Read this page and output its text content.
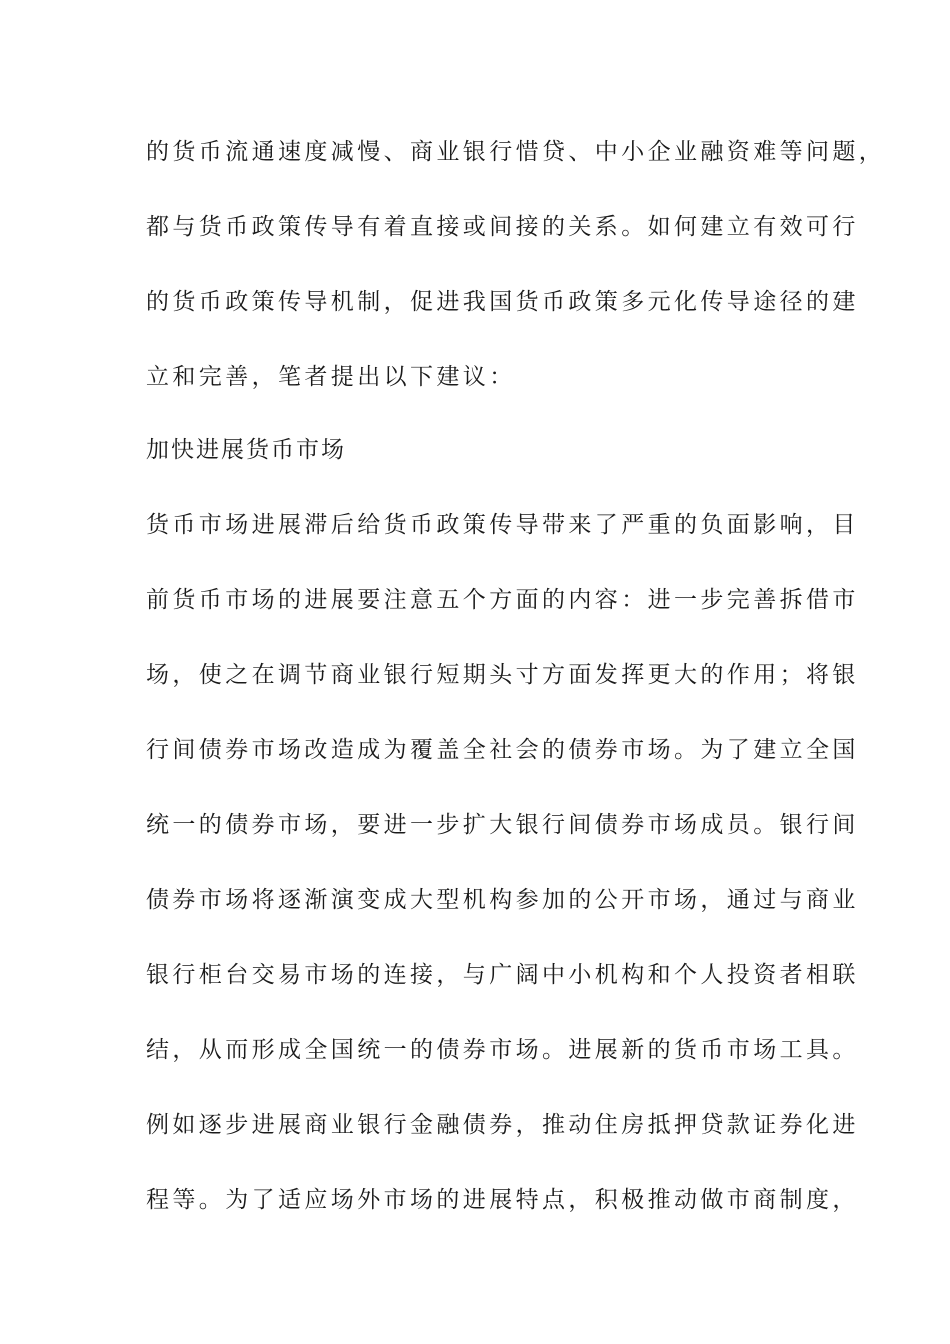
的货币流通速度减慢、商业银行惜贷、中小企业融资难等问题，
都与货币政策传导有着直接或间接的关系。如何建立有效可行
的货币政策传导机制，促进我国货币政策多元化传导途径的建
立和完善，笔者提出以下建议：
加快进展货币市场
货币市场进展滞后给货币政策传导带来了严重的负面影响，目
前货币市场的进展要注意五个方面的内容：进一步完善拆借市
场，使之在调节商业银行短期头寸方面发挥更大的作用；将银
行间债券市场改造成为覆盖全社会的债券市场。为了建立全国
统一的债券市场，要进一步扩大银行间债券市场成员。银行间
债券市场将逐渐演变成大型机构参加的公开市场，通过与商业
银行柜台交易市场的连接，与广阔中小机构和个人投资者相联
结，从而形成全国统一的债券市场。进展新的货币市场工具。
例如逐步进展商业银行金融债券，推动住房抵押贷款证券化进
程等。为了适应场外市场的进展特点，积极推动做市商制度，
